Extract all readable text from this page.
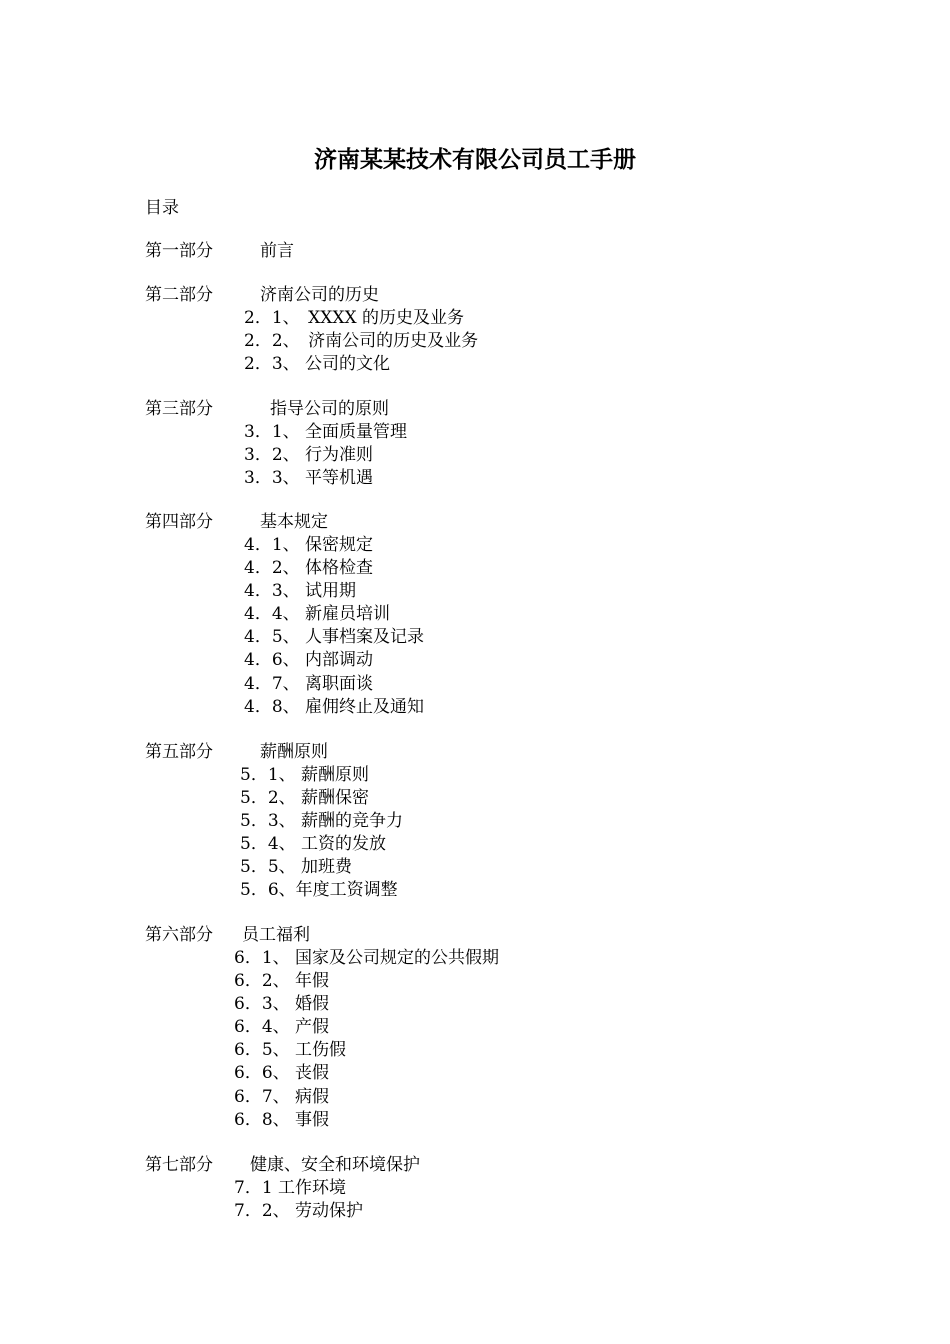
济南某某技术有限公司员工手册
目录
第一部分	前言
第二部分	济南公司的历史
2．1、　XXXX 的历史及业务
2．2、　济南公司的历史及业务
2．3、 公司的文化
第三部分	指导公司的原则
3．1、 全面质量管理
3．2、 行为准则
3．3、 平等机遇
第四部分	基本规定
4．1、 保密规定
4．2、 体格检查
4．3、 试用期
4．4、 新雇员培训
4．5、 人事档案及记录
4．6、 内部调动
4．7、 离职面谈
4．8、 雇佣终止及通知
第五部分	薪酬原则
5．1、 薪酬原则
5．2、 薪酬保密
5．3、 薪酬的竞争力
5．4、 工资的发放
5．5、 加班费
5．6、年度工资调整
第六部分 员工福利
6．1、 国家及公司规定的公共假期
6．2、 年假
6．3、 婚假
6．4、 产假
6．5、 工伤假
6．6、 丧假
6．7、 病假
6．8、 事假
第七部分 健康、安全和环境保护
7．1 工作环境
7．2、 劳动保护
